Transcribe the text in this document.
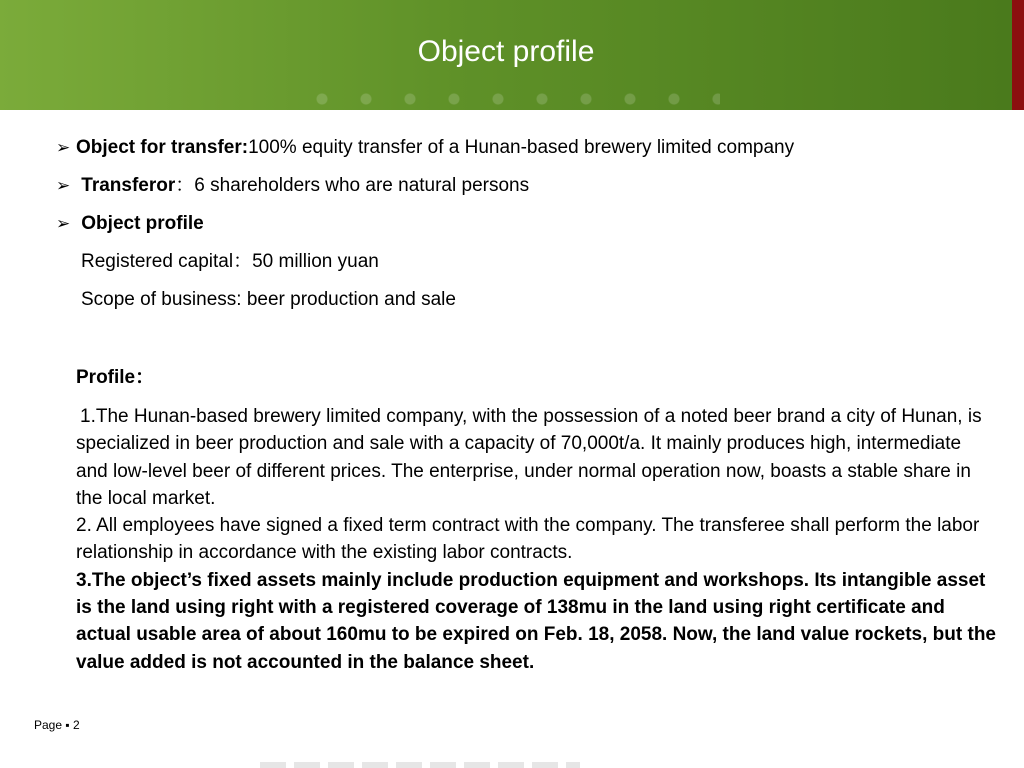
Object profile
➢ Object for transfer:100% equity transfer of a Hunan-based brewery limited company
➢ Transferor：6 shareholders who are natural persons
➢ Object profile
Registered capital：50 million yuan
Scope of business: beer production and sale
Profile：

1.The Hunan-based brewery limited company, with the possession of a noted beer brand a city of Hunan, is specialized in beer production and sale with a capacity of 70,000t/a. It mainly produces high, intermediate and low-level beer of different prices. The enterprise, under normal operation now, boasts a stable share in the local market.

2. All employees have signed a fixed term contract with the company. The transferee shall perform the labor relationship in accordance with the existing labor contracts.

3.The object’s fixed assets mainly include production equipment and workshops. Its intangible asset is the land using right with a registered coverage of 138mu in the land using right certificate and actual usable area of about 160mu to be expired on Feb. 18, 2058. Now, the land value rockets, but the value added is not accounted in the balance sheet.

Page ▪ 2
